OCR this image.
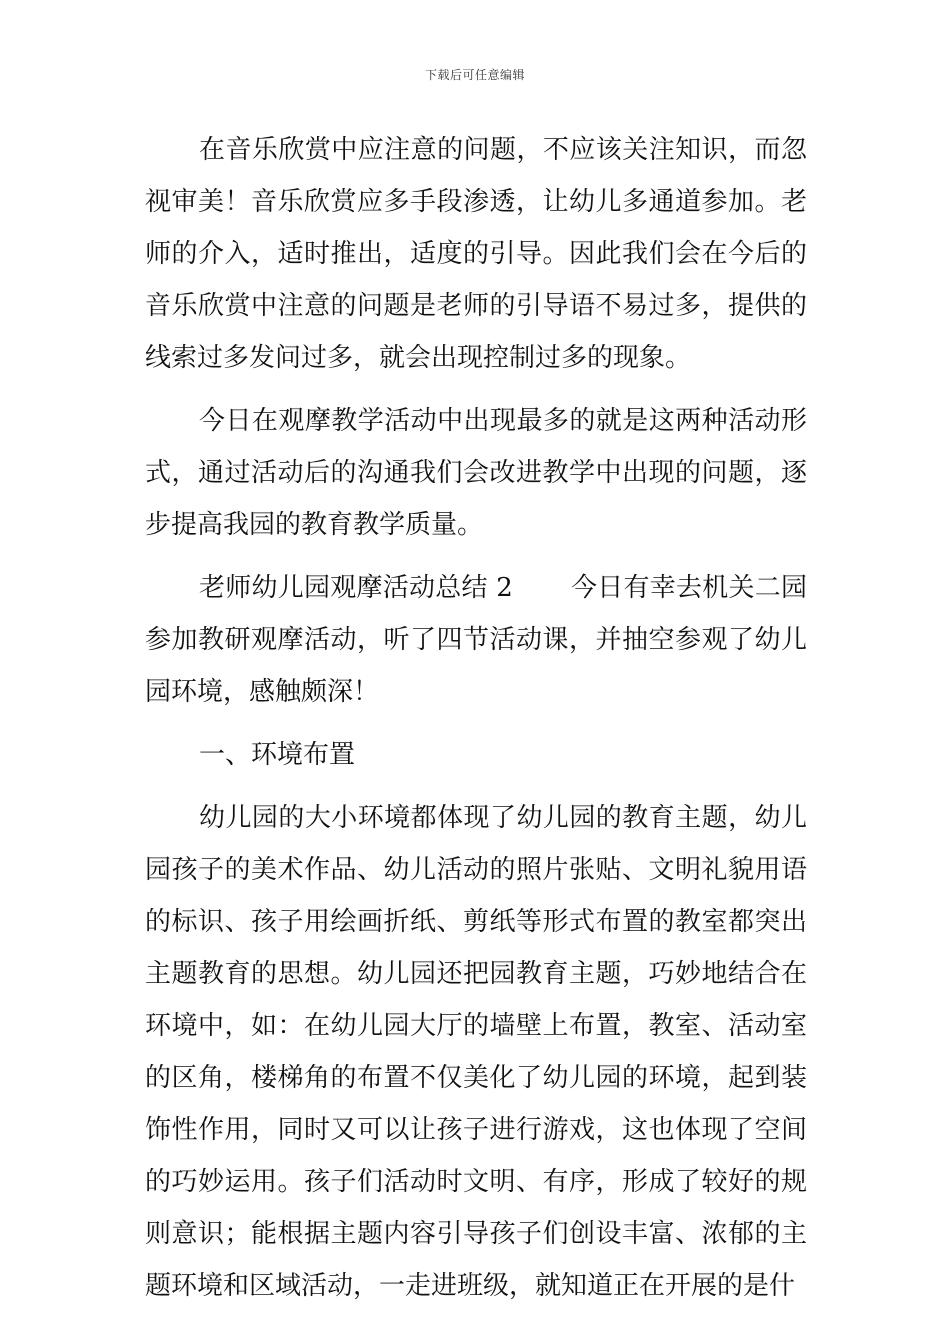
下载后可任意编辑

在音乐欣赏中应注意的问题，不应该关注知识，而忽视审美！音乐欣赏应多手段渗透，让幼儿多通道参加。老师的介入，适时推出，适度的引导。因此我们会在今后的音乐欣赏中注意的问题是老师的引导语不易过多，提供的线索过多发问过多，就会出现控制过多的现象。

今日在观摩教学活动中出现最多的就是这两种活动形式，通过活动后的沟通我们会改进教学中出现的问题，逐步提高我园的教育教学质量。

老师幼儿园观摩活动总结 2 今日有幸去机关二园参加教研观摩活动，听了四节活动课，并抽空参观了幼儿园环境，感触颇深！

一、环境布置

幼儿园的大小环境都体现了幼儿园的教育主题，幼儿园孩子的美术作品、幼儿活动的照片张贴、文明礼貌用语的标识、孩子用绘画折纸、剪纸等形式布置的教室都突出主题教育的思想。幼儿园还把园教育主题，巧妙地结合在环境中，如：在幼儿园大厅的墙壁上布置，教室、活动室的区角，楼梯角的布置不仅美化了幼儿园的环境，起到装饰性作用，同时又可以让孩子进行游戏，这也体现了空间的巧妙运用。孩子们活动时文明、有序，形成了较好的规则意识；能根据主题内容引导孩子们创设丰富、浓郁的主题环境和区域活动，一走进班级，就知道正在开展的是什
